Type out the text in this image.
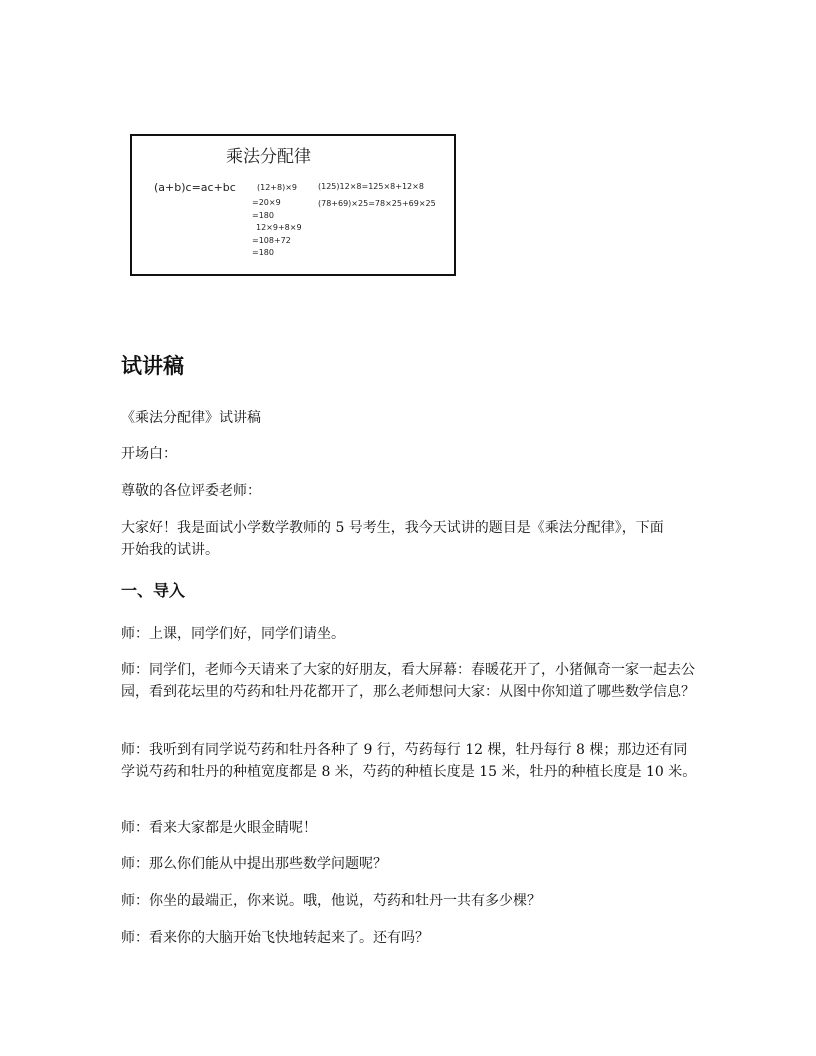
乘法分配律
(a+b)c=ac+bc	(12+8)×9
=20×9
=180
12×9+8×9
=108+72
=180
(125)12×8=125×8+12×8
(78+69)×25=78×25+69×25
试讲稿

《乘法分配律》试讲稿

开场白：

尊敬的各位评委老师：

大家好！我是面试小学数学教师的 5 号考生，我今天试讲的题目是《乘法分配律》，下面开始我的试讲。

一、导入

师：上课，同学们好，同学们请坐。

师：同学们，老师今天请来了大家的好朋友，看大屏幕：春暖花开了，小猪佩奇一家一起去公园，看到花坛里的芍药和牡丹花都开了，那么老师想问大家：从图中你知道了哪些数学信息？

师：我听到有同学说芍药和牡丹各种了 9 行，芍药每行 12 棵，牡丹每行 8 棵；那边还有同学说芍药和牡丹的种植宽度都是 8 米，芍药的种植长度是 15 米，牡丹的种植长度是 10 米。

师：看来大家都是火眼金睛呢！

师：那么你们能从中提出那些数学问题呢？

师：你坐的最端正，你来说。哦，他说，芍药和牡丹一共有多少棵？

师：看来你的大脑开始飞快地转起来了。还有吗？
